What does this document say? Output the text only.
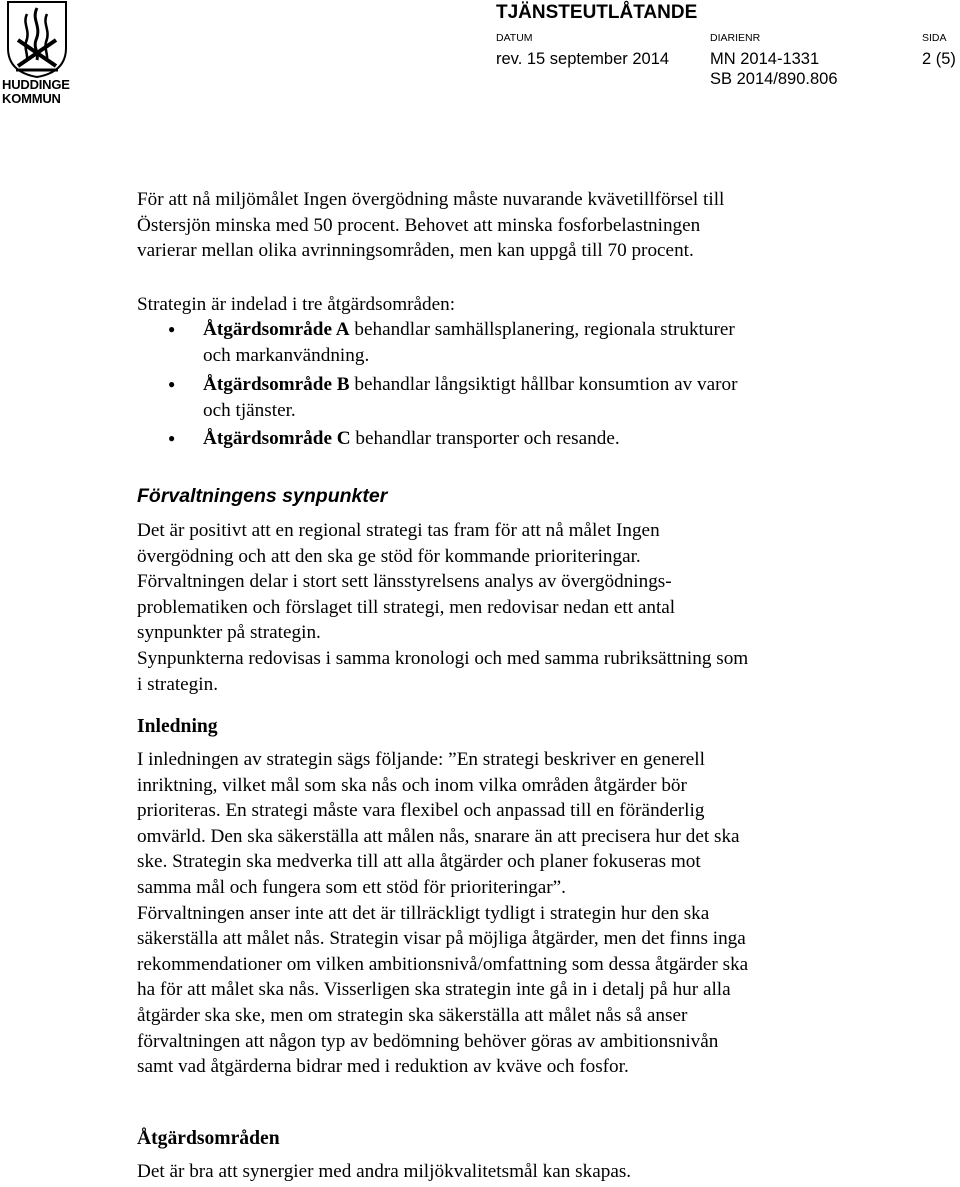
HUDDINGE
KOMMUN
TJÄNSTEUTLÅTANDE
DATUM
rev. 15 september 2014
DIARIENR
MN 2014-1331
SB 2014/890.806
SIDA
2 (5)
För att nå miljömålet Ingen övergödning måste nuvarande kvävetillförsel till
Östersjön minska med 50 procent. Behovet att minska fosforbelastningen
varierar mellan olika avrinningsområden, men kan uppgå till 70 procent.
Strategin är indelad i tre åtgärdsområden:
● Åtgärdsområde A behandlar samhällsplanering, regionala strukturer
och markanvändning.
● Åtgärdsområde B behandlar långsiktigt hållbar konsumtion av varor
och tjänster.
● Åtgärdsområde C behandlar transporter och resande.
Förvaltningens synpunkter
Det är positivt att en regional strategi tas fram för att nå målet Ingen
övergödning och att den ska ge stöd för kommande prioriteringar.
Förvaltningen delar i stort sett länsstyrelsens analys av övergödnings-
problematiken och förslaget till strategi, men redovisar nedan ett antal
synpunkter på strategin.
Synpunkterna redovisas i samma kronologi och med samma rubriksättning som
i strategin.
Inledning
I inledningen av strategin sägs följande: ”En strategi beskriver en generell
inriktning, vilket mål som ska nås och inom vilka områden åtgärder bör
prioriteras. En strategi måste vara flexibel och anpassad till en föränderlig
omvärld. Den ska säkerställa att målen nås, snarare än att precisera hur det ska
ske. Strategin ska medverka till att alla åtgärder och planer fokuseras mot
samma mål och fungera som ett stöd för prioriteringar”.
Förvaltningen anser inte att det är tillräckligt tydligt i strategin hur den ska
säkerställa att målet nås. Strategin visar på möjliga åtgärder, men det finns inga
rekommendationer om vilken ambitionsnivå/omfattning som dessa åtgärder ska
ha för att målet ska nås. Visserligen ska strategin inte gå in i detalj på hur alla
åtgärder ska ske, men om strategin ska säkerställa att målet nås så anser
förvaltningen att någon typ av bedömning behöver göras av ambitionsnivån
samt vad åtgärderna bidrar med i reduktion av kväve och fosfor.
Åtgärdsområden
Det är bra att synergier med andra miljökvalitetsmål kan skapas.
